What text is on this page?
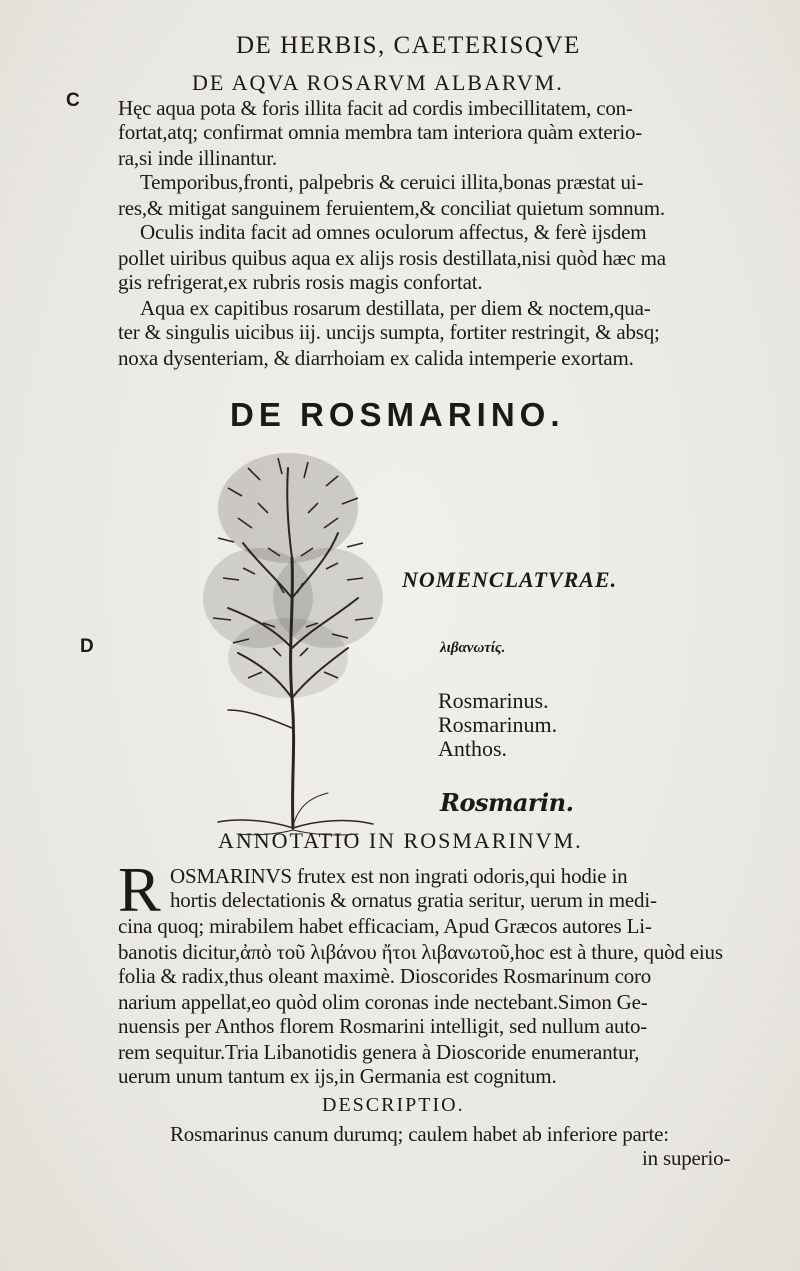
DE HERBIS, CAETERISQVE
C
D
DE AQVA ROSARVM ALBARVM.
Hęc aqua pota & foris illita facit ad cordis imbecillitatem, con-
fortat,atq; confirmat omnia membra tam interiora quàm exterio-
ra,si inde illinantur.
Temporibus,fronti, palpebris & ceruici illita,bonas præstat ui-
res,& mitigat sanguinem feruientem,& conciliat quietum somnum.
Oculis indita facit ad omnes oculorum affectus, & ferè ijsdem
pollet uiribus quibus aqua ex alijs rosis destillata,nisi quòd hæc ma
gis refrigerat,ex rubris rosis magis confortat.
Aqua ex capitibus rosarum destillata, per diem & noctem,qua-
ter & singulis uicibus iij. uncijs sumpta, fortiter restringit, & absq;
noxa dysenteriam, & diarrhoiam ex calida intemperie exortam.
DE ROSMARINO.
NOMENCLATVRAE.
λιβανωτίς.
Rosmarinus.
Rosmarinum.
Anthos.
Rosmarin.
ANNOTATIO IN ROSMARINVM.
R OSMARINVS frutex est non ingrati odoris,qui hodie in
hortis delectationis & ornatus gratia seritur, uerum in medi-
cina quoq; mirabilem habet efficaciam, Apud Græcos autores Li-
banotis dicitur,ἀπὸ τοῦ λιβάνου ἤτοι λιβανωτοῦ,hoc est à thure, quòd eius
folia & radix,thus oleant maximè. Dioscorides Rosmarinum coro
narium appellat,eo quòd olim coronas inde nectebant.Simon Ge-
nuensis per Anthos florem Rosmarini intelligit, sed nullum auto-
rem sequitur.Tria Libanotidis genera à Dioscoride enumerantur,
uerum unum tantum ex ijs,in Germania est cognitum.
DESCRIPTIO.
Rosmarinus canum durumq; caulem habet ab inferiore parte:
in superio-
